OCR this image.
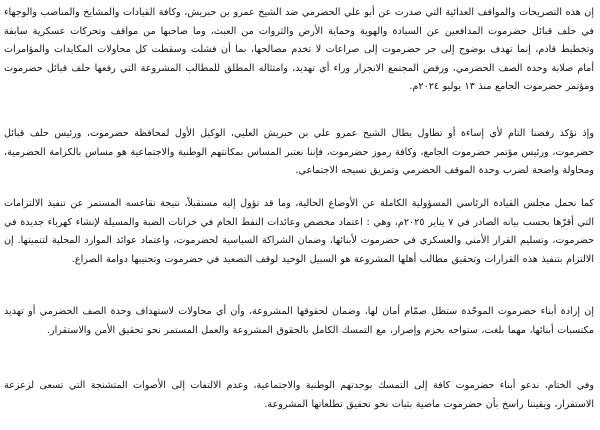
إن هذه التصريحات والمواقف العدائية التي صدرت عن أبو علي الحضرمي ضد الشيخ عمرو بن حبريش، وكافة القيادات والمشايخ والمناصب والوجهاء في حلف قبائل حضرموت المدافعين عن السيادة والهوية وحماية الأرض والثروات من العبث، وما صاحبها من مواقف وتحركات عسكرية سابقة وتخطيط قادم، إنما تهدف بوضوح إلى جر حضرموت إلى صراعات لا تخدم مصالحها، بما أن فشلت وسقطت كل محاولات المكايدات والمؤامرات أمام صلابة وحدة الصف الحضرمي، ورفض المجتمع الانجرار وراء أي تهديد، وامتثاله المطلق للمطالب المشروعة التي رفعها حلف قبائل حضرموت ومؤتمر حضرموت الجامع منذ ١٣ يوليو ٢٠٢٤م.

وإذ نؤكد رفضنا التام لأي إساءة أو تطاول يطال الشيخ عمرو علي بن حبريش العليي، الوكيل الأول لمحافظة حضرموت، ورئيس حلف قبائل حضرموت، ورئيس مؤتمر حضرموت الجامع، وكافة رموز حضرموت، فإننا نعتبر المساس بمكانتهم الوطنية والاجتماعية هو مساس بالكرامة الحضرمية، ومحاولة واضحة لضرب وحدة الموقف الحضرمي وتمزيق نسيجه الاجتماعي.

كما نحمل مجلس القيادة الرئاسي المسؤولية الكاملة عن الأوضاع الحالية، وما قد تؤول إليه مستقبلاً، نتيجة تقاعسه المستمر عن تنفيذ الالتزامات التي أقرّها بحسب بيانه الصادر في ٧ يناير ٢٠٢٥م، وهي : اعتماد مخصص وعائدات النفط الخام في خزانات الضبة والمسيلة لإنشاء كهرباء جديدة في حضرموت، وتسليم القرار الأمني والعسكري في حضرموت لأبنائها، وضمان الشراكة السياسية لحضرموت، واعتماد عوائد الموارد المحلية لتنميتها. إن الالتزام بتنفيذ هذه القرارات وتحقيق مطالب أهلها المشروعة هو السبيل الوحيد لوقف التصعيد في حضرموت وتجنيبها دوامة الصراع.

إن إرادة أبناء حضرموت الموحّدة ستظل صمّام أمان لها، وضمان لحقوقها المشروعة، وأن أي محاولات لاستهداف وحدة الصف الحضرمي أو تهديد مكتسبات أبنائها، مهما بلغت، ستواجه بحزم وإصرار، مع التمسك الكامل بالحقوق المشروعة والعمل المستمر نحو تحقيق الأمن والاستقرار.

وفي الختام، ندعو أبناء حضرموت كافة إلى التمسك بوحدتهم الوطنية والاجتماعية، وعدم الالتفات إلى الأصوات المتشنجة التي تسعى لزعزعة الاستقرار، ويقيننا راسخ بأن حضرموت ماضية بثبات نحو تحقيق تطلعاتها المشروعة.
